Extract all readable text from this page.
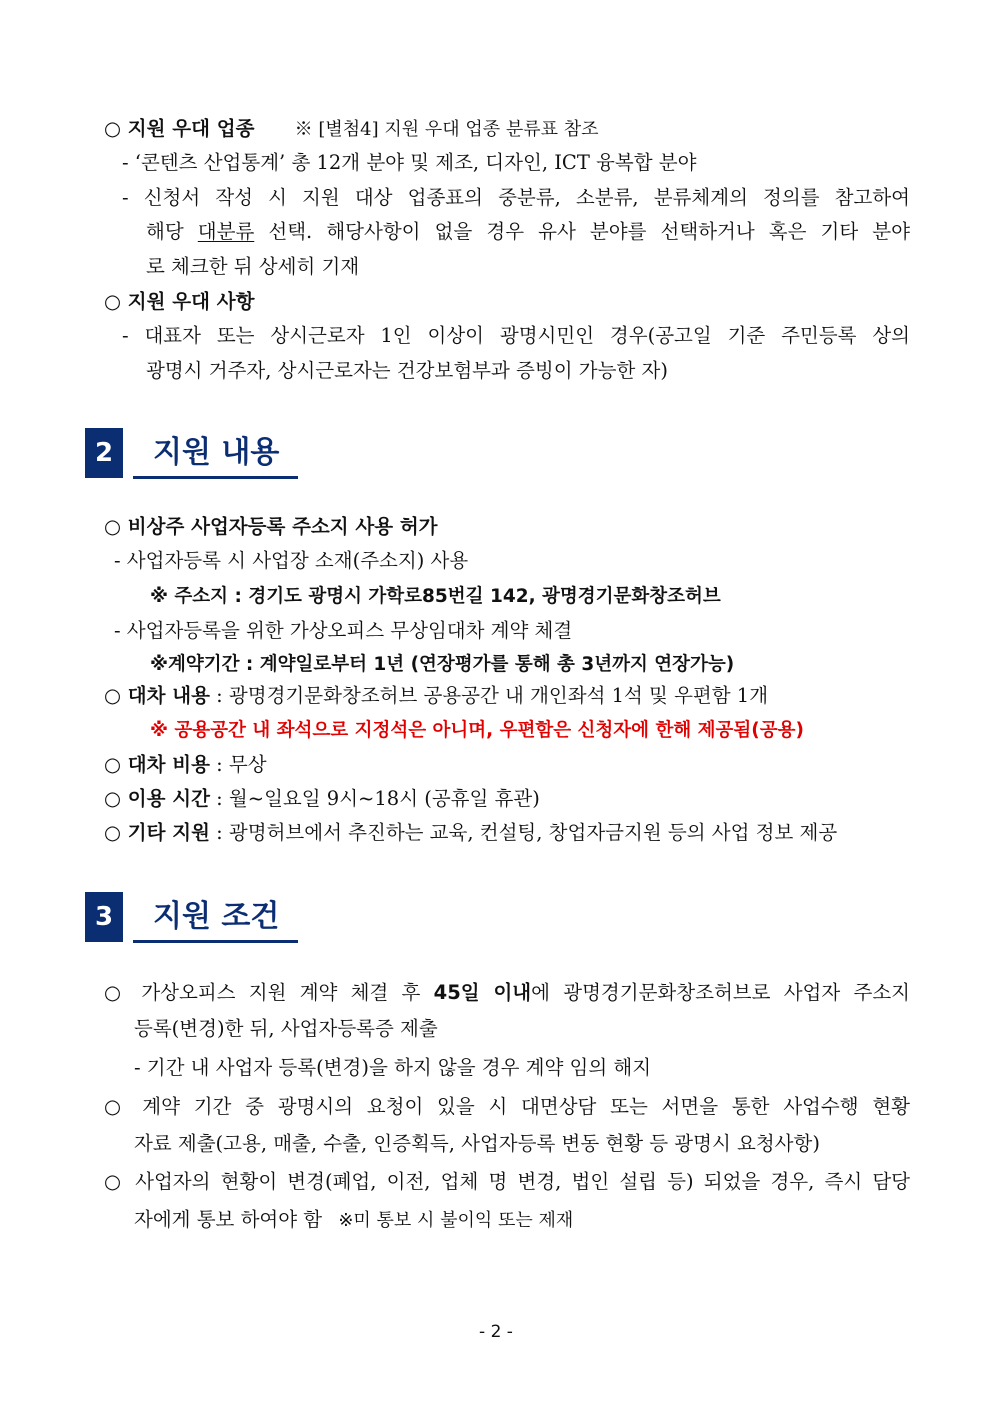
○ 지원 우대 업종 ※ [별첨4] 지원 우대 업종 분류표 참조
- ‘콘텐츠 산업통계’ 총 12개 분야 및 제조, 디자인, ICT 융복합 분야
- 신청서 작성 시 지원 대상 업종표의 중분류, 소분류, 분류체계의 정의를 참고하여
해당 대분류 선택. 해당사항이 없을 경우 유사 분야를 선택하거나 혹은 기타 분야
로 체크한 뒤 상세히 기재
○ 지원 우대 사항
- 대표자 또는 상시근로자 1인 이상이 광명시민인 경우(공고일 기준 주민등록 상의
광명시 거주자, 상시근로자는 건강보험부과 증빙이 가능한 자)
2	지원 내용
○ 비상주 사업자등록 주소지 사용 허가
- 사업자등록 시 사업장 소재(주소지) 사용
※ 주소지 : 경기도 광명시 가학로85번길 142, 광명경기문화창조허브
- 사업자등록을 위한 가상오피스 무상임대차 계약 체결
※계약기간 : 계약일로부터 1년 (연장평가를 통해 총 3년까지 연장가능)
○ 대차 내용 : 광명경기문화창조허브 공용공간 내 개인좌석 1석 및 우편함 1개
※ 공용공간 내 좌석으로 지정석은 아니며, 우편함은 신청자에 한해 제공됨(공용)
○ 대차 비용 : 무상
○ 이용 시간 : 월~일요일 9시~18시 (공휴일 휴관)
○ 기타 지원 : 광명허브에서 추진하는 교육, 컨설팅, 창업자금지원 등의 사업 정보 제공
3	지원 조건
○ 가상오피스 지원 계약 체결 후 45일 이내에 광명경기문화창조허브로 사업자 주소지
등록(변경)한 뒤, 사업자등록증 제출
- 기간 내 사업자 등록(변경)을 하지 않을 경우 계약 임의 해지
○ 계약 기간 중 광명시의 요청이 있을 시 대면상담 또는 서면을 통한 사업수행 현황
자료 제출(고용, 매출, 수출, 인증획득, 사업자등록 변동 현황 등 광명시 요청사항)
○ 사업자의 현황이 변경(폐업, 이전, 업체 명 변경, 법인 설립 등) 되었을 경우, 즉시 담당
자에게 통보 하여야 함 ※미 통보 시 불이익 또는 제재
- 2 -
